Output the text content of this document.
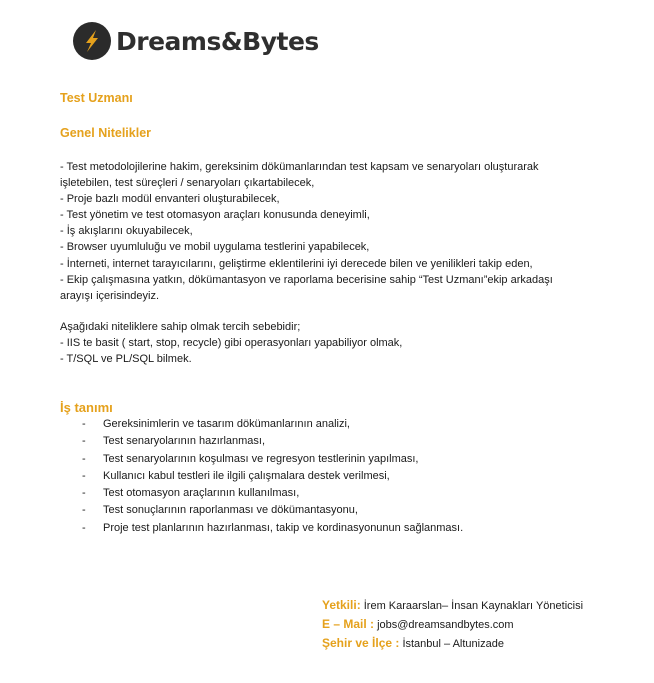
Dreams&Bytes
Test Uzmanı
Genel Nitelikler
- Test metodolojilerine hakim, gereksinim dökümanlarından test kapsam ve senaryoları oluşturarak
işletebilen, test süreçleri / senaryoları çıkartabilecek,
- Proje bazlı modül envanteri oluşturabilecek,
- Test yönetim ve test otomasyon araçları konusunda deneyimli,
- İş akışlarını okuyabilecek,
- Browser uyumluluğu ve mobil uygulama testlerini yapabilecek,
- İnterneti, internet tarayıcılarını, geliştirme eklentilerini iyi derecede bilen ve yenilikleri takip eden,
- Ekip çalışmasına yatkın, dökümantasyon ve raporlama becerisine sahip “Test Uzmanı”ekip arkadaşı
arayışı içerisindeyiz.
Aşağıdaki niteliklere sahip olmak tercih sebebidir;
- IIS te basit ( start, stop, recycle) gibi operasyonları yapabiliyor olmak,
- T/SQL ve PL/SQL bilmek.
İş tanımı
-	Gereksinimlerin ve tasarım dökümanlarının analizi,
-	Test senaryolarının hazırlanması,
-	Test senaryolarının koşulması ve regresyon testlerinin yapılması,
-	Kullanıcı kabul testleri ile ilgili çalışmalara destek verilmesi,
-	Test otomasyon araçlarının kullanılması,
-	Test sonuçlarının raporlanması ve dökümantasyonu,
-	Proje test planlarının hazırlanması, takip ve kordinasyonunun sağlanması.
Yetkili: İrem Karaarslan– İnsan Kaynakları Yöneticisi
E – Mail : jobs@dreamsandbytes.com
Şehir ve İlçe : İstanbul – Altunizade
